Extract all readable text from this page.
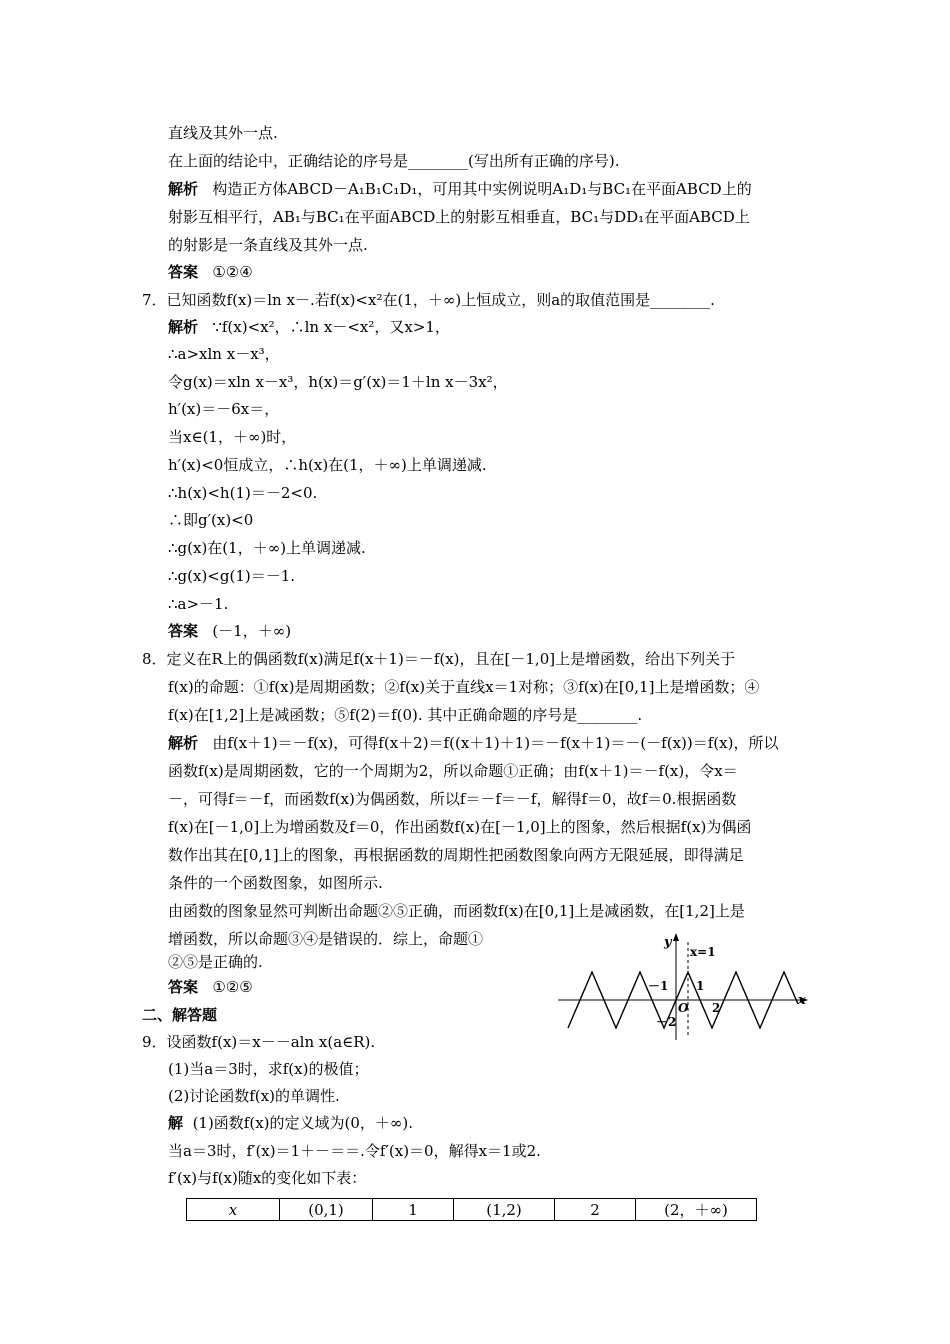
直线及其外一点.
在上面的结论中，正确结论的序号是________(写出所有正确的序号).
解析 构造正方体ABCD－A₁B₁C₁D₁，可用其中实例说明A₁D₁与BC₁在平面ABCD上的
射影互相平行，AB₁与BC₁在平面ABCD上的射影互相垂直，BC₁与DD₁在平面ABCD上
的射影是一条直线及其外一点.
答案 ①②④
7．已知函数f(x)＝ln x－.若f(x)<x²在(1，＋∞)上恒成立，则a的取值范围是________.
解析 ∵f(x)<x²，∴ln x－<x²，又x>1，
∴a>xln x－x³，
令g(x)＝xln x－x³，h(x)＝g′(x)＝1＋ln x－3x²，
h′(x)＝－6x＝，
当x∈(1，＋∞)时，
h′(x)<0恒成立，∴h(x)在(1，＋∞)上单调递减.
∴h(x)<h(1)＝－2<0.
∴即g′(x)<0
∴g(x)在(1，＋∞)上单调递减.
∴g(x)<g(1)＝－1.
∴a>－1.
答案 (－1，＋∞)
8．定义在R上的偶函数f(x)满足f(x＋1)＝－f(x)，且在[－1,0]上是增函数，给出下列关于
f(x)的命题：①f(x)是周期函数；②f(x)关于直线x＝1对称；③f(x)在[0,1]上是增函数；④
f(x)在[1,2]上是减函数；⑤f(2)＝f(0). 其中正确命题的序号是________.
解析 由f(x＋1)＝－f(x)，可得f(x＋2)＝f((x＋1)＋1)＝－f(x＋1)＝－(－f(x))＝f(x)，所以
函数f(x)是周期函数，它的一个周期为2，所以命题①正确；由f(x＋1)＝－f(x)，令x＝
－，可得f＝－f，而函数f(x)为偶函数，所以f＝－f＝－f，解得f＝0，故f＝0.根据函数
f(x)在[－1,0]上为增函数及f＝0，作出函数f(x)在[－1,0]上的图象，然后根据f(x)为偶函
数作出其在[0,1]上的图象，再根据函数的周期性把函数图象向两方无限延展，即得满足
条件的一个函数图象，如图所示.
由函数的图象显然可判断出命题②⑤正确，而函数f(x)在[0,1]上是减函数，在[1,2]上是
增函数，所以命题③④是错误的．综上，命题①
②⑤是正确的.
答案 ①②⑤
y
x
x=1
－1 1
O 2
－2
二、解答题
9．设函数f(x)＝x－－aln x(a∈R).
(1)当a＝3时，求f(x)的极值；
(2)讨论函数f(x)的单调性.
解 (1)函数f(x)的定义域为(0，＋∞).
当a＝3时，f′(x)＝1＋－＝＝.令f′(x)＝0，解得x＝1或2.
f′(x)与f(x)随x的变化如下表：
x	(0,1)	1	(1,2)	2	(2，＋∞)
